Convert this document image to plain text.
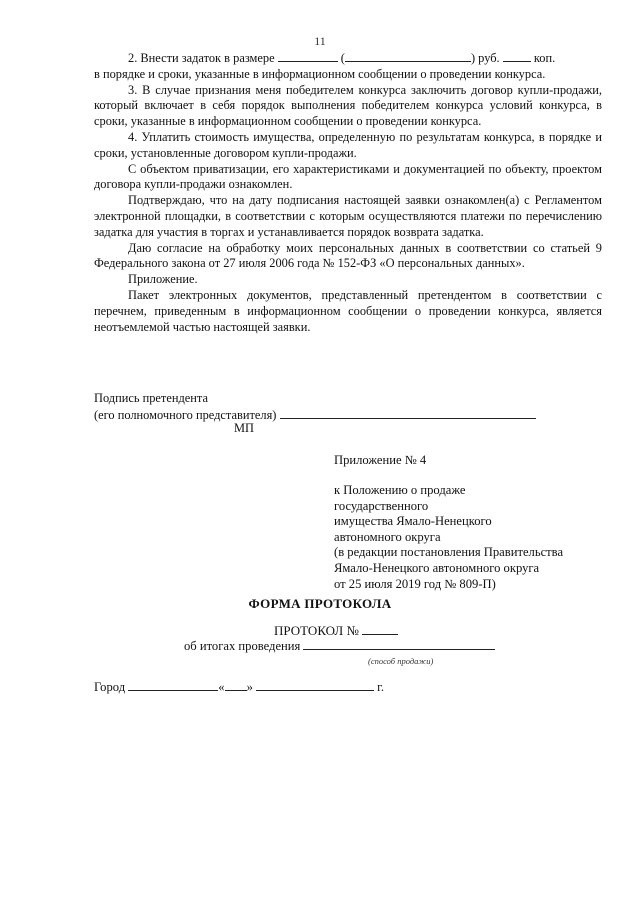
11

2. Внести задаток в размере	(	) руб.	коп.

в порядке и сроки, указанные в информационном сообщении о проведении конкурса.

3. В случае признания меня победителем конкурса заключить договор купли-продажи, который включает в себя порядок выполнения победителем конкурса условий конкурса, в сроки, указанные в информационном сообщении о проведении конкурса.

4. Уплатить стоимость имущества, определенную по результатам конкурса, в порядке и сроки, установленные договором купли-продажи.

С объектом приватизации, его характеристиками и документацией по объекту, проектом договора купли-продажи ознакомлен.

Подтверждаю, что на дату подписания настоящей заявки ознакомлен(а) с Регламентом электронной площадки, в соответствии с которым осуществляются платежи по перечислению задатка для участия в торгах и устанавливается порядок возврата задатка.

Даю согласие на обработку моих персональных данных в соответствии со статьей 9 Федерального закона от 27 июля 2006 года № 152-ФЗ «О персональных данных».

Приложение.

Пакет электронных документов, представленный претендентом в соответствии с перечнем, приведенным в информационном сообщении о проведении конкурса, является неотъемлемой частью настоящей заявки.

Подпись претендента
(его полномочного представителя)
МП
Приложение № 4
к Положению о продаже
государственного
имущества Ямало-Ненецкого
автономного округа
(в редакции постановления Правительства
Ямало-Ненецкого автономного округа
от 25 июля 2019 год № 809-П)
ФОРМА ПРОТОКОЛА
ПРОТОКОЛ №
об итогах проведения
(способ продажи)
Город	« »	г.
